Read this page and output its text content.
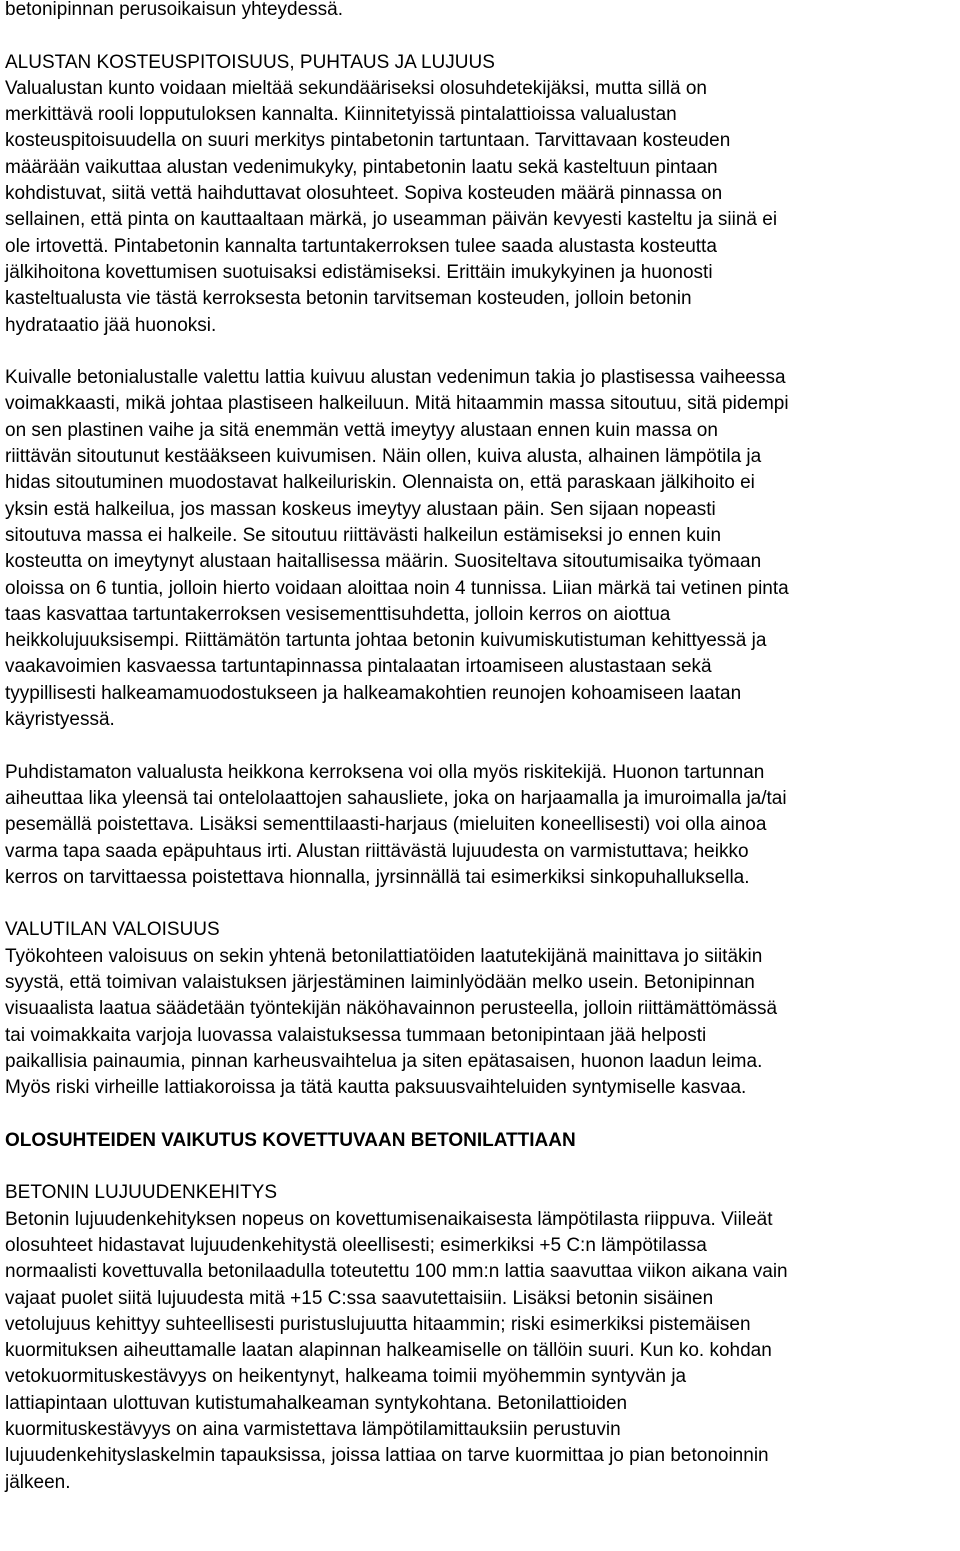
betonipinnan perusoikaisun yhteydessä.
ALUSTAN KOSTEUSPITOISUUS, PUHTAUS JA LUJUUS
Valualustan kunto voidaan mieltää sekundääriseksi olosuhdetekijäksi, mutta sillä on
merkittävä rooli lopputuloksen kannalta. Kiinnitetyissä pintalattioissa valualustan
kosteuspitoisuudella on suuri merkitys pintabetonin tartuntaan. Tarvittavaan kosteuden
määrään vaikuttaa alustan vedenimukyky, pintabetonin laatu sekä kasteltuun pintaan
kohdistuvat, siitä vettä haihduttavat olosuhteet. Sopiva kosteuden määrä pinnassa on
sellainen, että pinta on kauttaaltaan märkä, jo useamman päivän kevyesti kasteltu ja siinä ei
ole irtovettä. Pintabetonin kannalta tartuntakerroksen tulee saada alustasta kosteutta
jälkihoitona kovettumisen suotuisaksi edistämiseksi. Erittäin imukykyinen ja huonosti
kasteltualusta vie tästä kerroksesta betonin tarvitseman kosteuden, jolloin betonin
hydrataatio jää huonoksi.
Kuivalle betonialustalle valettu lattia kuivuu alustan vedenimun takia jo plastisessa vaiheessa
voimakkaasti, mikä johtaa plastiseen halkeiluun. Mitä hitaammin massa sitoutuu, sitä pidempi
on sen plastinen vaihe ja sitä enemmän vettä imeytyy alustaan ennen kuin massa on
riittävän sitoutunut kestääkseen kuivumisen. Näin ollen, kuiva alusta, alhainen lämpötila ja
hidas sitoutuminen muodostavat halkeiluriskin. Olennaista on, että paraskaan jälkihoito ei
yksin estä halkeilua, jos massan koskeus imeytyy alustaan päin. Sen sijaan nopeasti
sitoutuva massa ei halkeile. Se sitoutuu riittävästi halkeilun estämiseksi jo ennen kuin
kosteutta on imeytynyt alustaan haitallisessa määrin. Suositeltava sitoutumisaika työmaan
oloissa on 6 tuntia, jolloin hierto voidaan aloittaa noin 4 tunnissa. Liian märkä tai vetinen pinta
taas kasvattaa tartuntakerroksen vesisementtisuhdetta, jolloin kerros on aiottua
heikkolujuuksisempi. Riittämätön tartunta johtaa betonin kuivumiskutistuman kehittyessä ja
vaakavoimien kasvaessa tartuntapinnassa pintalaatan irtoamiseen alustastaan sekä
tyypillisesti halkeamamuodostukseen ja halkeamakohtien reunojen kohoamiseen laatan
käyristyessä.
Puhdistamaton valualusta heikkona kerroksena voi olla myös riskitekijä. Huonon tartunnan
aiheuttaa lika yleensä tai ontelolaattojen sahausliete, joka on harjaamalla ja imuroimalla ja/tai
pesemällä poistettava. Lisäksi sementtilaasti-harjaus (mieluiten koneellisesti) voi olla ainoa
varma tapa saada epäpuhtaus irti. Alustan riittävästä lujuudesta on varmistuttava; heikko
kerros on tarvittaessa poistettava hionnalla, jyrsinnällä tai esimerkiksi sinkopuhalluksella.
VALUTILAN VALOISUUS
Työkohteen valoisuus on sekin yhtenä betonilattiatöiden laatutekijänä mainittava jo siitäkin
syystä, että toimivan valaistuksen järjestäminen laiminlyödään melko usein. Betonipinnan
visuaalista laatua säädetään työntekijän näköhavainnon perusteella, jolloin riittämättömässä
tai voimakkaita varjoja luovassa valaistuksessa tummaan betonipintaan jää helposti
paikallisia painaumia, pinnan karheusvaihtelua ja siten epätasaisen, huonon laadun leima.
Myös riski virheille lattiakoroissa ja tätä kautta paksuusvaihteluiden syntymiselle kasvaa.
OLOSUHTEIDEN VAIKUTUS KOVETTUVAAN BETONILATTIAAN
BETONIN LUJUUDENKEHITYS
Betonin lujuudenkehityksen nopeus on kovettumisenaikaisesta lämpötilasta riippuva. Viileät
olosuhteet hidastavat lujuudenkehitystä oleellisesti; esimerkiksi +5 C:n lämpötilassa
normaalisti kovettuvalla betonilaadulla toteutettu 100 mm:n lattia saavuttaa viikon aikana vain
vajaat puolet siitä lujuudesta mitä +15 C:ssa saavutettaisiin. Lisäksi betonin sisäinen
vetolujuus kehittyy suhteellisesti puristuslujuutta hitaammin; riski esimerkiksi pistemäisen
kuormituksen aiheuttamalle laatan alapinnan halkeamiselle on tällöin suuri. Kun ko. kohdan
vetokuormituskestävyys on heikentynyt, halkeama toimii myöhemmin syntyvän ja
lattiapintaan ulottuvan kutistumahalkeaman syntykohtana. Betonilattioiden
kuormituskestävyys on aina varmistettava lämpötilamittauksiin perustuvin
lujuudenkehityslaskelmin tapauksissa, joissa lattiaa on tarve kuormittaa jo pian betonoinnin
jälkeen.
